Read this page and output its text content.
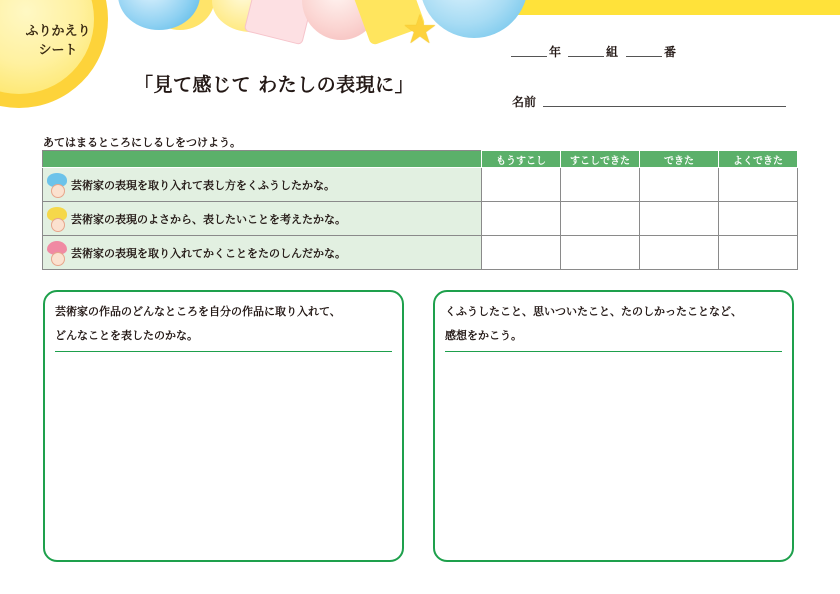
ふりかえり
シート	★
「見て感じて わたしの表現に」
年	組	番
名前
あてはまるところにしるしをつけよう。
	もうすこし	すこしできた	できた	よくできた

芸術家の表現を取り入れて表し方をくふうしたかな。				

芸術家の表現のよさから、表したいことを考えたかな。				

芸術家の表現を取り入れてかくことをたのしんだかな。				

芸術家の作品のどんなところを自分の作品に取り入れて、
どんなことを表したのかな。
くふうしたこと、思いついたこと、たのしかったことなど、
感想をかこう。
